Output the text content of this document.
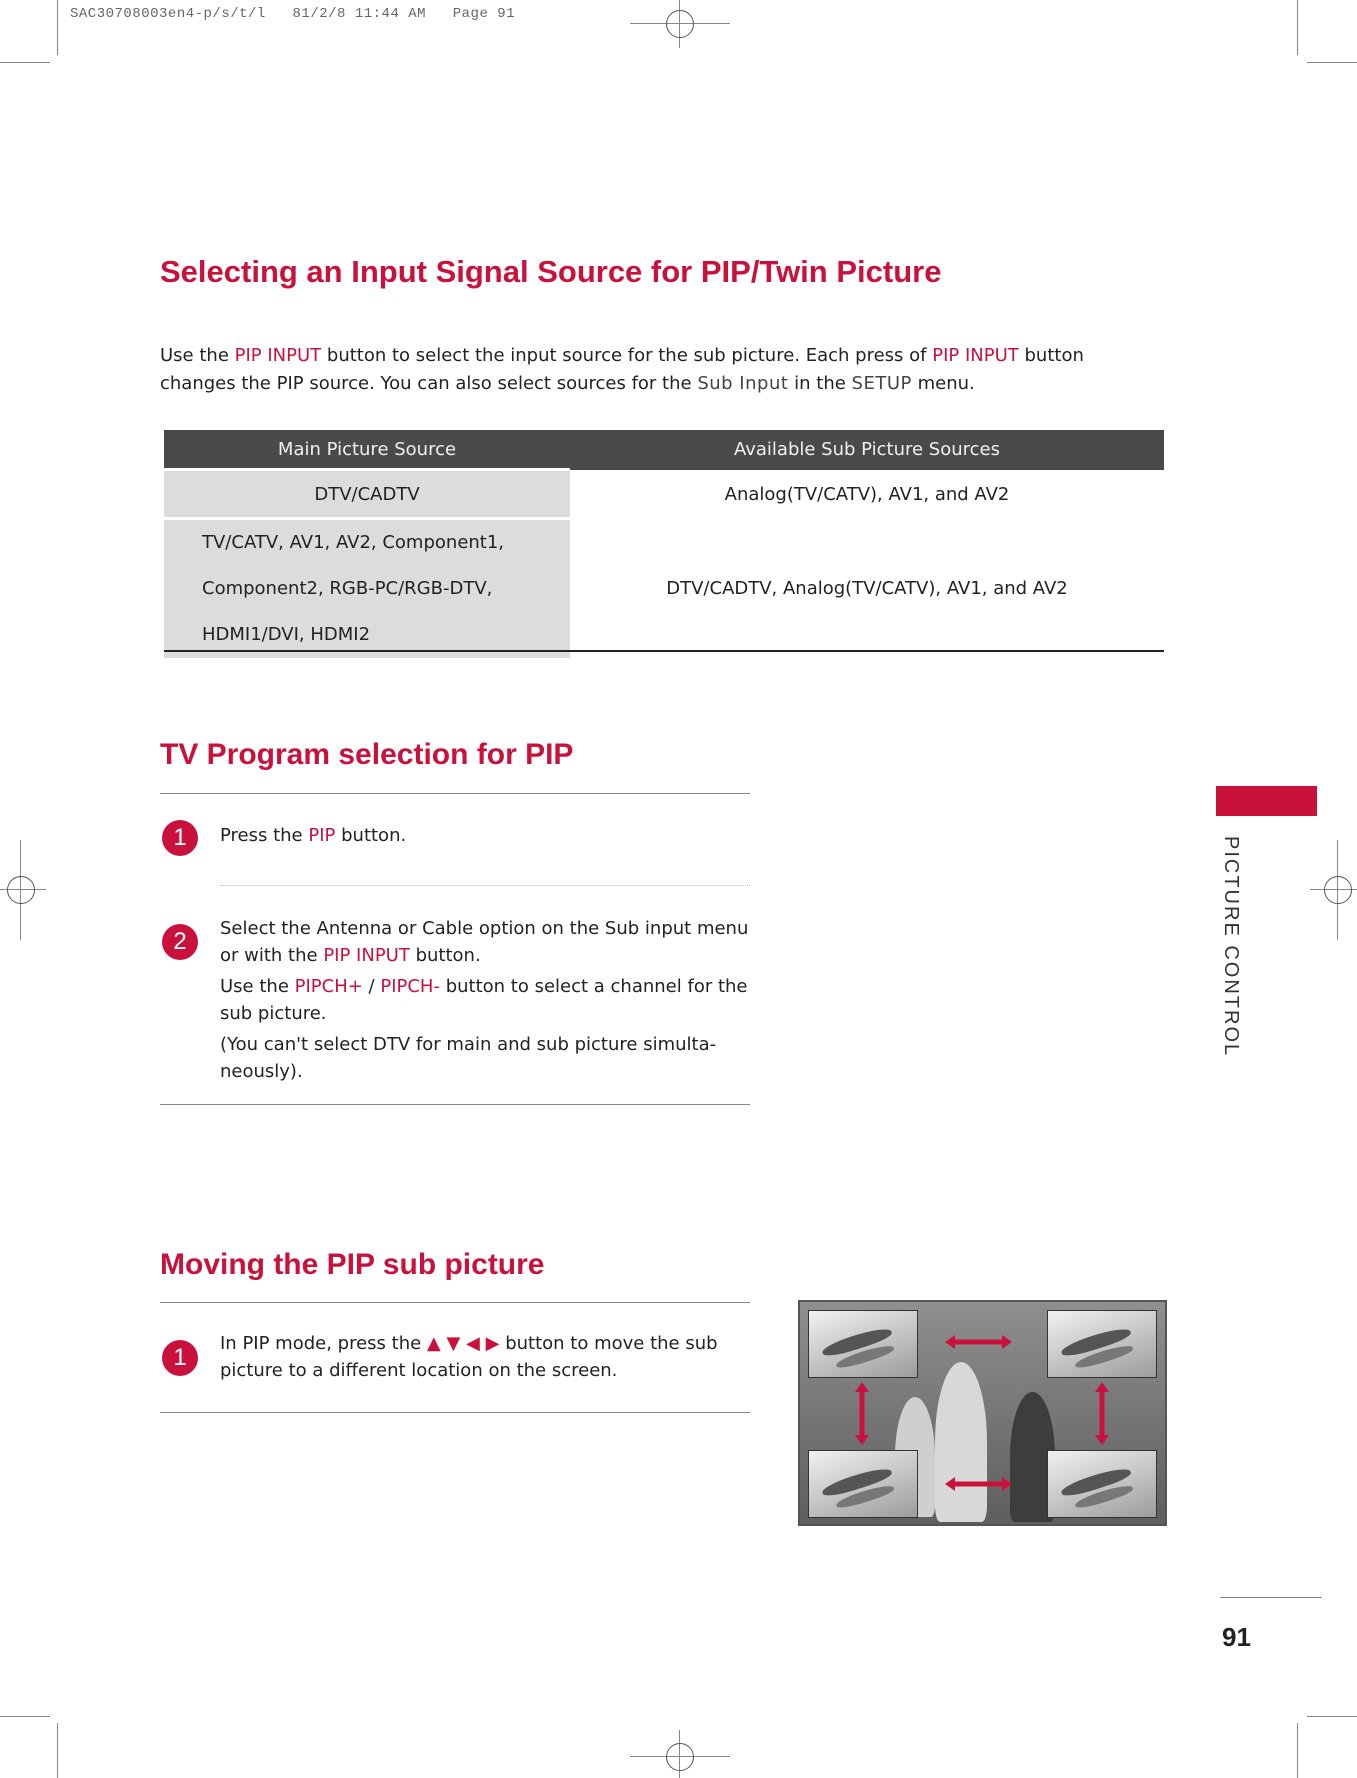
SAC30708003en4-p/s/t/l   81/2/8 11:44 AM   Page 91
Selecting an Input Signal Source for PIP/Twin Picture
Use the PIP INPUT button to select the input source for the sub picture. Each press of PIP INPUT button changes the PIP source. You can also select sources for the Sub Input in the SETUP menu.
Main Picture Source	Available Sub Picture Sources
DTV/CADTV	Analog(TV/CATV), AV1, and AV2

TV/CATV, AV1, AV2, Component1,
Component2, RGB-PC/RGB-DTV,
HDMI1/DVI, HDMI2	DTV/CADTV, Analog(TV/CATV), AV1, and AV2
TV Program selection for PIP
1	Press the PIP button.
2	Select the Antenna or Cable option on the Sub input menu or with the PIP INPUT button.
Use the PIPCH+ / PIPCH- button to select a channel for the sub picture.
(You can't select DTV for main and sub picture simulta-neously).
Moving the PIP sub picture
1
In PIP mode, press the ▲ ▼ ◀ ▶ button to move the sub picture to a different location on the screen.
PICTURE CONTROL
91
